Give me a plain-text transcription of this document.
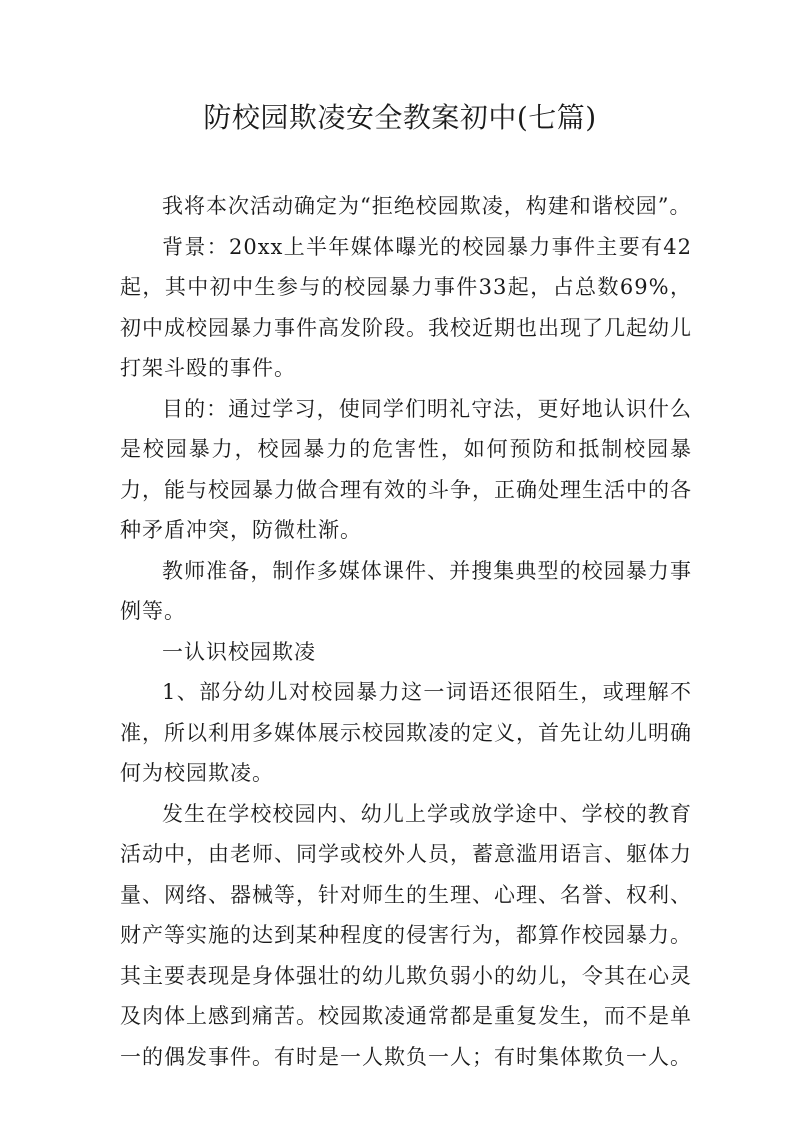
防校园欺凌安全教案初中(七篇)

我将本次活动确定为“拒绝校园欺凌，构建和谐校园”。

背景：20xx上半年媒体曝光的校园暴力事件主要有42起，其中初中生参与的校园暴力事件33起，占总数69%，初中成校园暴力事件高发阶段。我校近期也出现了几起幼儿打架斗殴的事件。

目的：通过学习，使同学们明礼守法，更好地认识什么是校园暴力，校园暴力的危害性，如何预防和抵制校园暴力，能与校园暴力做合理有效的斗争，正确处理生活中的各种矛盾冲突，防微杜渐。

教师准备，制作多媒体课件、并搜集典型的校园暴力事例等。

一认识校园欺凌

1、部分幼儿对校园暴力这一词语还很陌生，或理解不准，所以利用多媒体展示校园欺凌的定义，首先让幼儿明确何为校园欺凌。

发生在学校校园内、幼儿上学或放学途中、学校的教育活动中，由老师、同学或校外人员，蓄意滥用语言、躯体力量、网络、器械等，针对师生的生理、心理、名誉、权利、财产等实施的达到某种程度的侵害行为，都算作校园暴力。其主要表现是身体强壮的幼儿欺负弱小的幼儿，令其在心灵及肉体上感到痛苦。校园欺凌通常都是重复发生，而不是单一的偶发事件。有时是一人欺负一人；有时集体欺负一人。
